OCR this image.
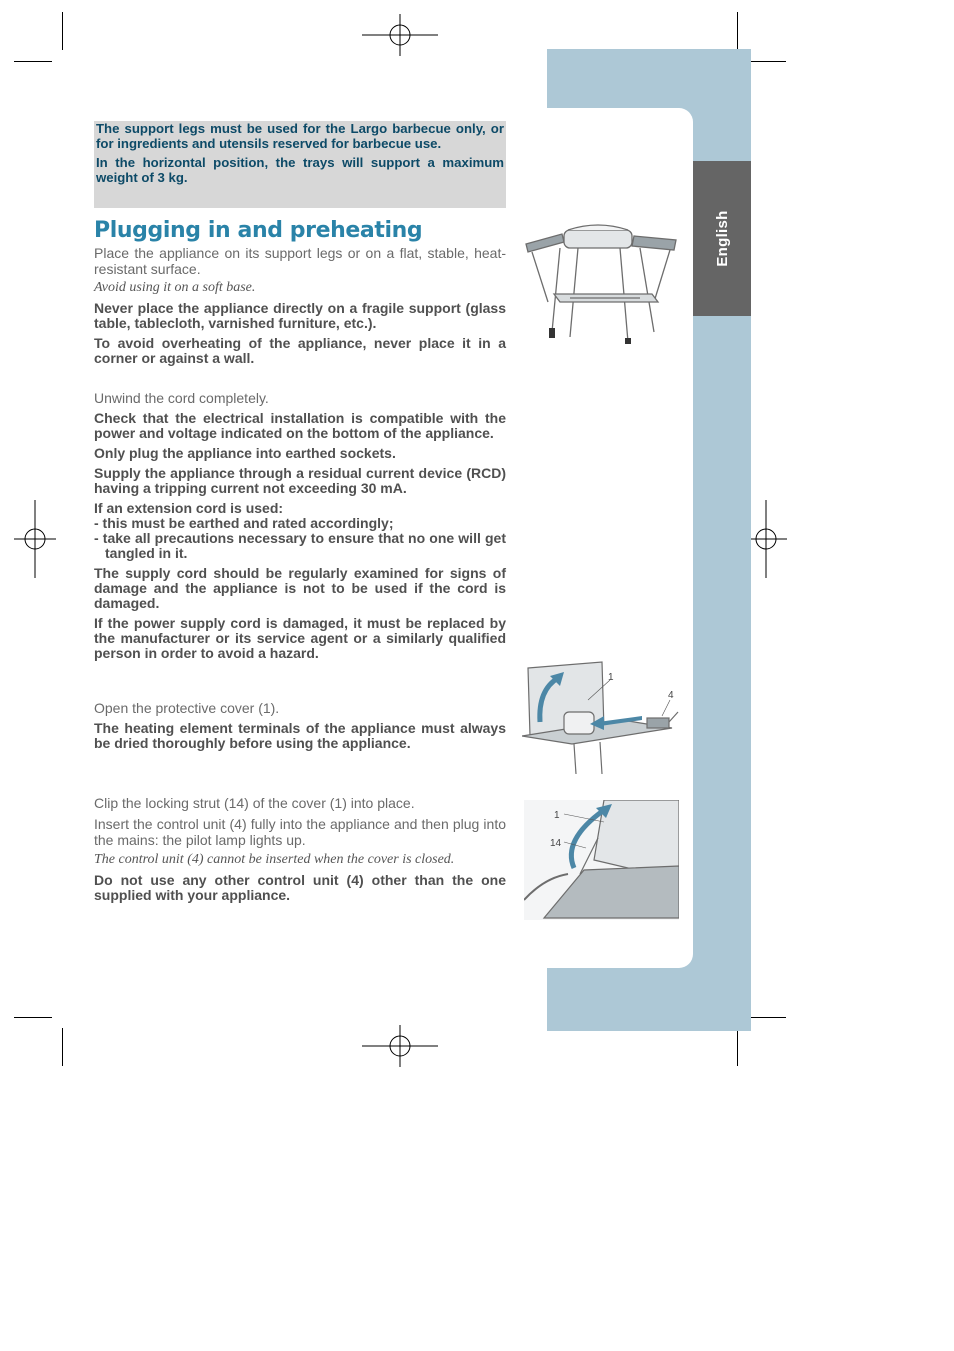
English

The support legs must be used for the Largo barbecue only, or for ingredients and utensils reserved for barbecue use.

In the horizontal position, the trays will support a maximum weight of 3 kg.

Plugging in and preheating

Place the appliance on its support legs or on a flat, stable, heat-resistant surface.

Avoid using it on a soft base.

Never place the appliance directly on a fragile support (glass table, tablecloth, varnished furniture, etc.).

To avoid overheating of the appliance, never place it in a corner or against a wall.

Unwind the cord completely.

Check that the electrical installation is compatible with the power and voltage indicated on the bottom of the appliance.

Only plug the appliance into earthed sockets.

Supply the appliance through a residual current device (RCD) having a tripping current not exceeding 30 mA.

If an extension cord is used:

- this must be earthed and rated accordingly;

- take all precautions necessary to ensure that no one will get tangled in it.

The supply cord should be regularly examined for signs of damage and the appliance is not to be used if the cord is damaged.

If the power supply cord is damaged, it must be replaced by the manufacturer or its service agent or a similarly qualified person in order to avoid a hazard.

Open the protective cover (1).

The heating element terminals of the appliance must always be dried thoroughly before using the appliance.

Clip the locking strut (14) of the cover (1) into place.

Insert the control unit (4) fully into the appliance and then plug into the mains: the pilot lamp lights up.

The control unit (4) cannot be inserted when the cover is closed.

Do not use any other control unit (4) other than the one supplied with your appliance.

1
4
1
14
